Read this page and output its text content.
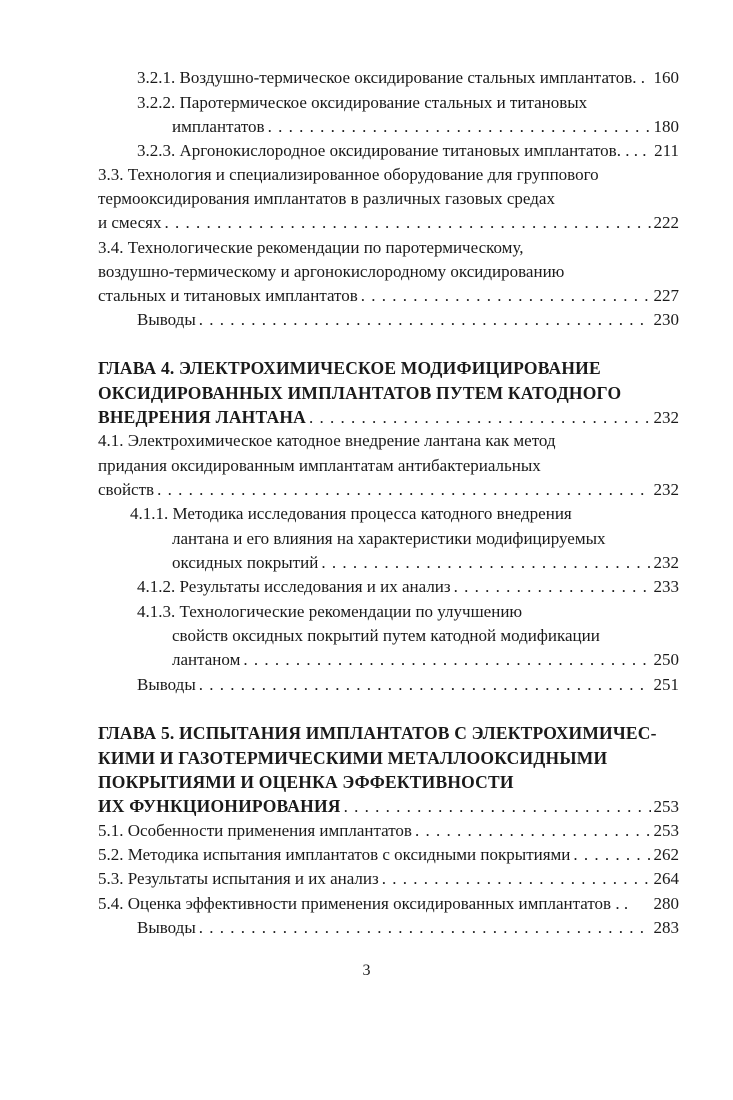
3.2.1. Воздушно-термическое оксидирование стальных имплантатов. . 160
3.2.2. Паротермическое оксидирование стальных и титановых
имплантатов . . .	180
3.2.3. Аргонокислородное оксидирование титановых имплантатов. . . . 211
3.3. Технология и специализированное оборудование для группового
термооксидирования имплантатов в различных газовых средах
и смесях . . .	222
3.4. Технологические рекомендации по паротермическому,
воздушно-термическому и аргонокислородному оксидированию
стальных и титановых имплантатов . . .	227
Выводы . . .	230
ГЛАВА 4. ЭЛЕКТРОХИМИЧЕСКОЕ МОДИФИЦИРОВАНИЕ
ОКСИДИРОВАННЫХ ИМПЛАНТАТОВ ПУТЕМ КАТОДНОГО
ВНЕДРЕНИЯ ЛАНТАНА . . .	232
4.1. Электрохимическое катодное внедрение лантана как метод
придания оксидированным имплантатам антибактериальных
свойств . . .	232
4.1.1. Методика исследования процесса катодного внедрения
лантана и его влияния на характеристики модифицируемых
оксидных покрытий . . .	232
4.1.2. Результаты исследования и их анализ . . .	233
4.1.3. Технологические рекомендации по улучшению
свойств оксидных покрытий путем катодной модификации
лантаном . . .	250
Выводы . . .	251
ГЛАВА 5. ИСПЫТАНИЯ ИМПЛАНТАТОВ С ЭЛЕКТРОХИМИЧЕС-
КИМИ И ГАЗОТЕРМИЧЕСКИМИ МЕТАЛЛООКСИДНЫМИ
ПОКРЫТИЯМИ И ОЦЕНКА ЭФФЕКТИВНОСТИ
ИХ ФУНКЦИОНИРОВАНИЯ . . .	253
5.1. Особенности применения имплантатов . . .	253
5.2. Методика испытания имплантатов с оксидными покрытиями . . .	262
5.3. Результаты испытания и их анализ . . .	264
5.4. Оценка эффективности применения оксидированных имплантатов . . 280
Выводы . . .	283
3
